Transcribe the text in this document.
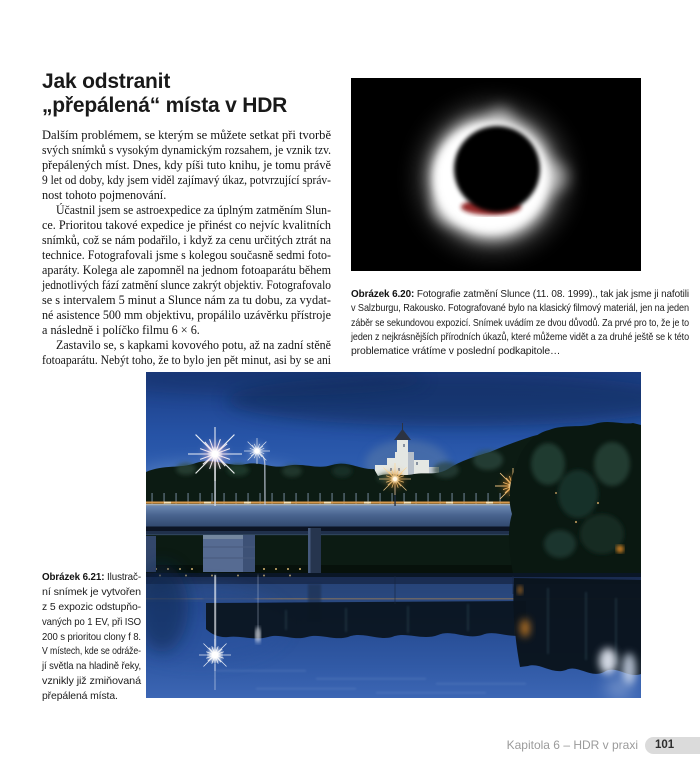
Jak odstranit
„přepálená“ místa v HDR
Dalším problémem, se kterým se můžete setkat při tvorbě
svých snímků s vysokým dynamickým rozsahem, je vznik tzv.
přepálených míst. Dnes, kdy píši tuto knihu, je tomu právě
9 let od doby, kdy jsem viděl zajímavý úkaz, potvrzující správ-
nost tohoto pojmenování.
Účastnil jsem se astroexpedice za úplným zatměním Slun-
ce. Prioritou takové expedice je přinést co nejvíc kvalitních
snímků, což se nám podařilo, i když za cenu určitých ztrát na
technice. Fotografovali jsme s kolegou současně sedmi foto-
aparáty. Kolega ale zapomněl na jednom fotoaparátu během
jednotlivých fází zatmění slunce zakrýt objektiv. Fotografovalo
se s intervalem 5 minut a Slunce nám za tu dobu, za vydat-
né asistence 500 mm objektivu, propálilo uzávěrku přístroje
a následně i políčko filmu 6 × 6.
Zastavilo se, s kapkami kovového potu, až na zadní stěně
fotoaparátu. Nebýt toho, že to bylo jen pět minut, asi by se ani
Obrázek 6.20: Fotografie zatmění Slunce (11. 08. 1999)., tak jak jsme ji nafotili
v Salzburgu, Rakousko. Fotografované bylo na klasický filmový materiál, jen na jeden
záběr se sekundovou expozicí. Snímek uvádím ze dvou důvodů. Za prvé pro to, že je to
jeden z nejkrásnějších přírodních úkazů, které můžeme vidět a za druhé ještě se k této
problematice vrátíme v poslední podkapitole…
Obrázek 6.21: Ilustrač-
ní snímek je vytvořen
z 5 expozic odstupňo-
vaných po 1 EV, při ISO
200 s prioritou clony f 8.
V místech, kde se odráže-
jí světla na hladině řeky,
vznikly již zmiňovaná
přepálená místa.
Kapitola 6 – HDR v praxi	101
